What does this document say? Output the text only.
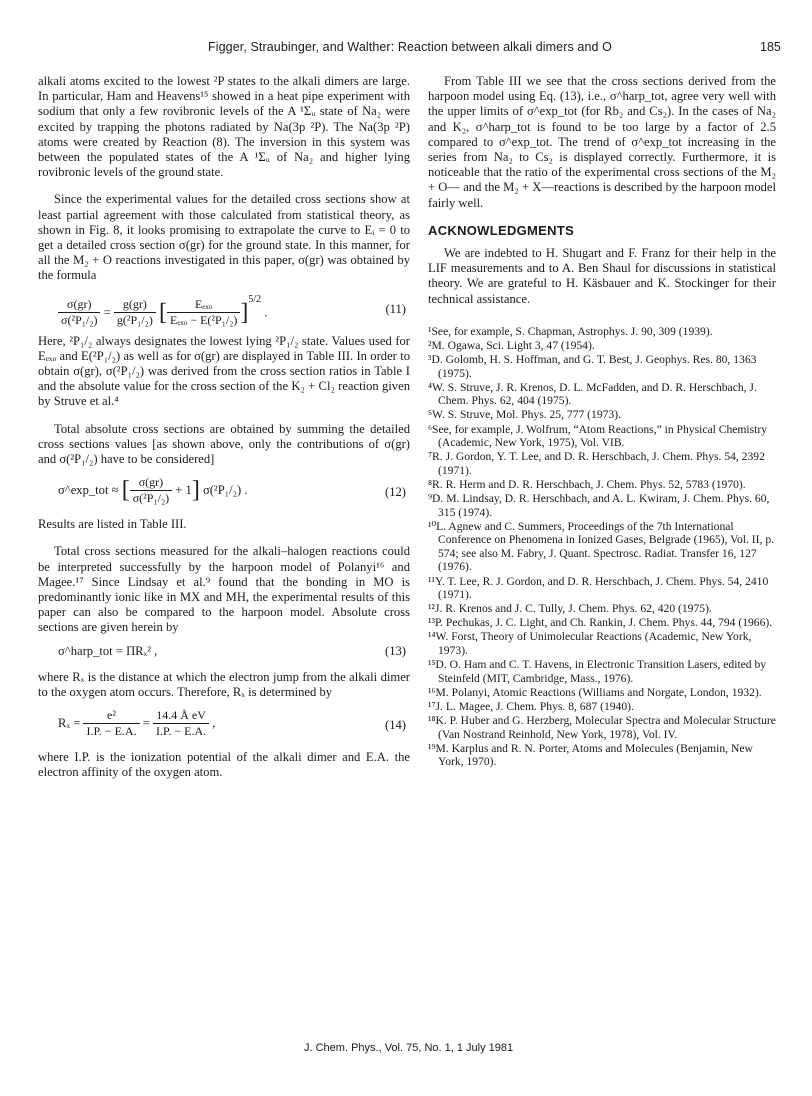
Figger, Straubinger, and Walther: Reaction between alkali dimers and O	185

alkali atoms excited to the lowest ²P states to the alkali dimers are large. In particular, Ham and Heavens¹⁵ showed in a heat pipe experiment with sodium that only a few rovibronic levels of the A ¹Σᵤ state of Na₂ were excited by trapping the photons radiated by Na(3p ²P). The Na(3p ²P) atoms were created by Reaction (8). The inversion in this system was between the populated states of the A ¹Σᵤ of Na₂ and higher lying rovibronic levels of the ground state.

Since the experimental values for the detailed cross sections show at least partial agreement with those calculated from statistical theory, as shown in Fig. 8, it looks promising to extrapolate the curve to Eᵢ = 0 to get a detailed cross section σ(gr) for the ground state. In this manner, for all the M₂ + O reactions investigated in this paper, σ(gr) was obtained by the formula

$\frac{\sigma(gr)}{\text{σ(²P₁/₂)}} = \frac{g(gr)}{\text{g(²P₁/₂)}}$ [ $\frac{\text{Eₑₓₒ}}{\text{Eₑₓₒ − E(²P₁/₂)}} ]^{5/2}$ .	(11)

Here, ²P₁/₂ always designates the lowest lying ²P₁/₂ state. Values used for Eₑₓₒ and E(²P₁/₂) as well as for σ(gr) are displayed in Table III. In order to obtain σ(gr), σ(²P₁/₂) was derived from the cross section ratios in Table I and the absolute value for the cross section of the K₂ + Cl₂ reaction given by Struve et al.⁴

Total absolute cross sections are obtained by summing the detailed cross sections values [as shown above, only the contributions of σ(gr) and σ(²P₁/₂) have to be considered]

σ^exp_tot ≈ [ $\frac{\sigma(gr)}{\text{σ(²P₁/₂)}} + 1$] σ(²P₁/₂) .	(12)

Results are listed in Table III.

Total cross sections measured for the alkali–halogen reactions could be interpreted successfully by the harpoon model of Polanyi¹⁶ and Magee.¹⁷ Since Lindsay et al.⁹ found that the bonding in MO is predominantly ionic like in MX and MH, the experimental results of this paper can also be compared to the harpoon model. Absolute cross sections are given herein by

σ^harp_tot = ΠRₓ² ,	(13)

where Rₓ is the distance at which the electron jump from the alkali dimer to the oxygen atom occurs. Therefore, Rₓ is determined by

$R_x = \frac{\text{e²}}{I.P. - E.A.} = \frac{\text{14.4 Å eV}}{I.P. - E.A.}$ ,	(14)

where I.P. is the ionization potential of the alkali dimer and E.A. the electron affinity of the oxygen atom.

From Table III we see that the cross sections derived from the harpoon model using Eq. (13), i.e., σ^harp_tot, agree very well with the upper limits of σ^exp_tot (for Rb₂ and Cs₂). In the cases of Na₂ and K₂, σ^harp_tot is found to be too large by a factor of 2.5 compared to σ^exp_tot. The trend of σ^exp_tot increasing in the series from Na₂ to Cs₂ is displayed correctly. Furthermore, it is noticeable that the ratio of the experimental cross sections of the M₂ + O— and the M₂ + X—reactions is described by the harpoon model fairly well.

ACKNOWLEDGMENTS

We are indebted to H. Shugart and F. Franz for their help in the LIF measurements and to A. Ben Shaul for discussions in statistical theory. We are grateful to H. Käsbauer and K. Stockinger for their technical assistance.

¹See, for example, S. Chapman, Astrophys. J. 90, 309 (1939).

²M. Ogawa, Sci. Light 3, 47 (1954).

³D. Golomb, H. S. Hoffman, and G. T. Best, J. Geophys. Res. 80, 1363 (1975).

⁴W. S. Struve, J. R. Krenos, D. L. McFadden, and D. R. Herschbach, J. Chem. Phys. 62, 404 (1975).

⁵W. S. Struve, Mol. Phys. 25, 777 (1973).

⁶See, for example, J. Wolfrum, “Atom Reactions,” in Physical Chemistry (Academic, New York, 1975), Vol. VIB.

⁷R. J. Gordon, Y. T. Lee, and D. R. Herschbach, J. Chem. Phys. 54, 2392 (1971).

⁸R. R. Herm and D. R. Herschbach, J. Chem. Phys. 52, 5783 (1970).

⁹D. M. Lindsay, D. R. Herschbach, and A. L. Kwiram, J. Chem. Phys. 60, 315 (1974).

¹⁰L. Agnew and C. Summers, Proceedings of the 7th International Conference on Phenomena in Ionized Gases, Belgrade (1965), Vol. II, p. 574; see also M. Fabry, J. Quant. Spectrosc. Radiat. Transfer 16, 127 (1976).

¹¹Y. T. Lee, R. J. Gordon, and D. R. Herschbach, J. Chem. Phys. 54, 2410 (1971).

¹²J. R. Krenos and J. C. Tully, J. Chem. Phys. 62, 420 (1975).

¹³P. Pechukas, J. C. Light, and Ch. Rankin, J. Chem. Phys. 44, 794 (1966).

¹⁴W. Forst, Theory of Unimolecular Reactions (Academic, New York, 1973).

¹⁵D. O. Ham and C. T. Havens, in Electronic Transition Lasers, edited by Steinfeld (MIT, Cambridge, Mass., 1976).

¹⁶M. Polanyi, Atomic Reactions (Williams and Norgate, London, 1932).

¹⁷J. L. Magee, J. Chem. Phys. 8, 687 (1940).

¹⁸K. P. Huber and G. Herzberg, Molecular Spectra and Molecular Structure (Van Nostrand Reinhold, New York, 1978), Vol. IV.

¹⁹M. Karplus and R. N. Porter, Atoms and Molecules (Benjamin, New York, 1970).

J. Chem. Phys., Vol. 75, No. 1, 1 July 1981
